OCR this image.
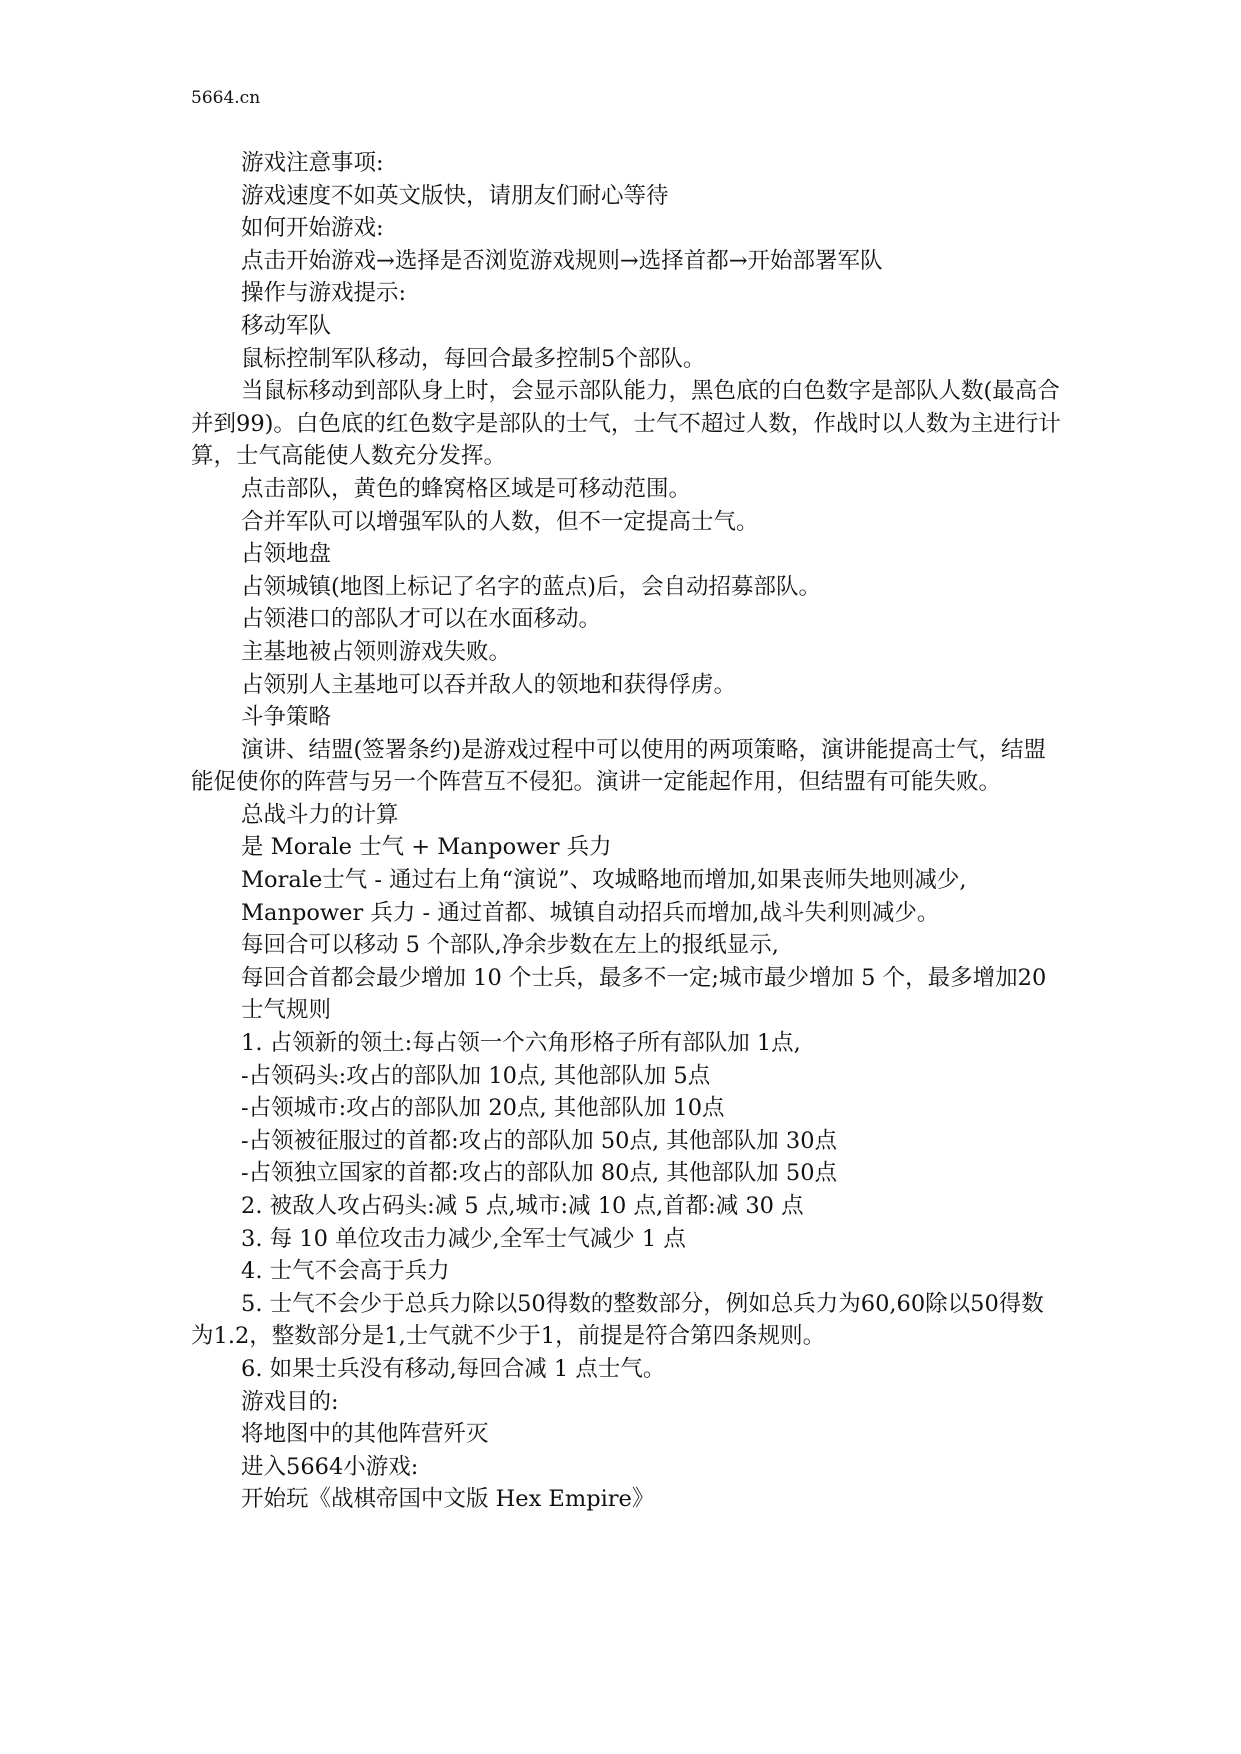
5664.cn

游戏注意事项:

游戏速度不如英文版快，请朋友们耐心等待

如何开始游戏:

点击开始游戏→选择是否浏览游戏规则→选择首都→开始部署军队

操作与游戏提示:

移动军队

鼠标控制军队移动，每回合最多控制5个部队。

当鼠标移动到部队身上时，会显示部队能力，黑色底的白色数字是部队人数(最高合并到99)。白色底的红色数字是部队的士气，士气不超过人数，作战时以人数为主进行计算，士气高能使人数充分发挥。

点击部队，黄色的蜂窝格区域是可移动范围。

合并军队可以增强军队的人数，但不一定提高士气。

占领地盘

占领城镇(地图上标记了名字的蓝点)后，会自动招募部队。

占领港口的部队才可以在水面移动。

主基地被占领则游戏失败。

占领别人主基地可以吞并敌人的领地和获得俘虏。

斗争策略

演讲、结盟(签署条约)是游戏过程中可以使用的两项策略，演讲能提高士气，结盟能促使你的阵营与另一个阵营互不侵犯。演讲一定能起作用，但结盟有可能失败。

总战斗力的计算

是 Morale 士气 + Manpower 兵力

Morale士气 - 通过右上角“演说”、攻城略地而增加,如果丧师失地则减少,

Manpower 兵力 - 通过首都、城镇自动招兵而增加,战斗失利则减少。

每回合可以移动 5 个部队,净余步数在左上的报纸显示,

每回合首都会最少增加 10 个士兵，最多不一定;城市最少增加 5 个，最多增加20

士气规则

1. 占领新的领土:每占领一个六角形格子所有部队加 1点,

-占领码头:攻占的部队加 10点, 其他部队加 5点

-占领城市:攻占的部队加 20点, 其他部队加 10点

-占领被征服过的首都:攻占的部队加 50点, 其他部队加 30点

-占领独立国家的首都:攻占的部队加 80点, 其他部队加 50点

2. 被敌人攻占码头:减 5 点,城市:减 10 点,首都:减 30 点

3. 每 10 单位攻击力减少,全军士气减少 1 点

4. 士气不会高于兵力

5. 士气不会少于总兵力除以50得数的整数部分，例如总兵力为60,60除以50得数为1.2，整数部分是1,士气就不少于1，前提是符合第四条规则。

6. 如果士兵没有移动,每回合减 1 点士气。

游戏目的:

将地图中的其他阵营歼灭

进入5664小游戏:

开始玩《战棋帝国中文版 Hex Empire》
